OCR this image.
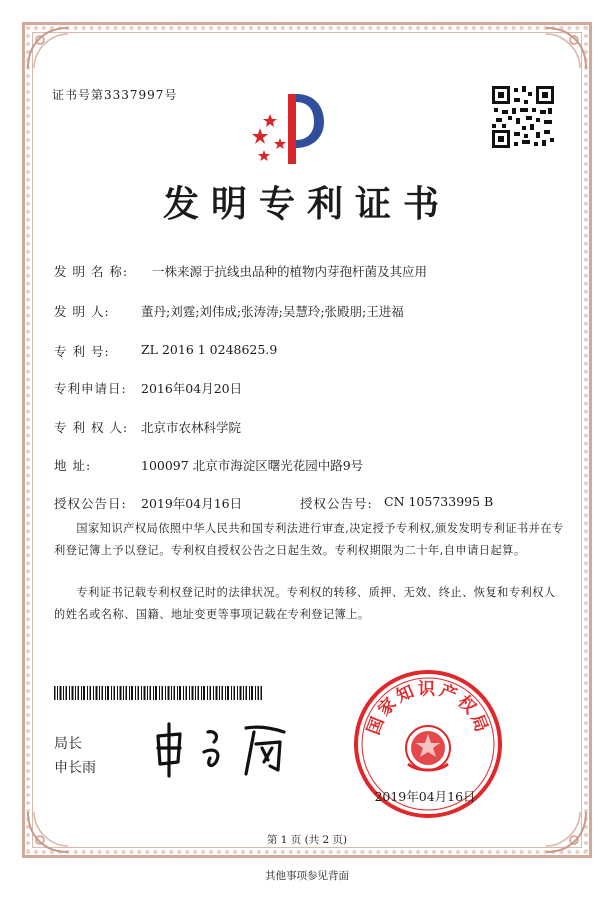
证书号第3337997号
发明专利证书
发 明 名 称: 一株来源于抗线虫品种的植物内芽孢杆菌及其应用
发 明 人:	董丹;刘霆;刘伟成;张涛涛;吴慧玲;张殿朋;王进福
专 利 号:	ZL 2016 1 0248625.9
专利申请日: 2016年04月20日
专 利 权 人: 北京市农林科学院
地 址:	100097 北京市海淀区曙光花园中路9号
授权公告日: 2019年04月16日	授权公告号: CN 105733995 B
国家知识产权局依照中华人民共和国专利法进行审查,决定授予专利权,颁发发明专利证书并在专利登记簿上予以登记。专利权自授权公告之日起生效。专利权期限为二十年,自申请日起算。
专利证书记载专利权登记时的法律状况。专利权的转移、质押、无效、终止、恢复和专利权人的姓名或名称、国籍、地址变更等事项记载在专利登记簿上。
局长
申长雨
国家知识产权局
2019年04月16日
第 1 页 (共 2 页)
其他事项参见背面
